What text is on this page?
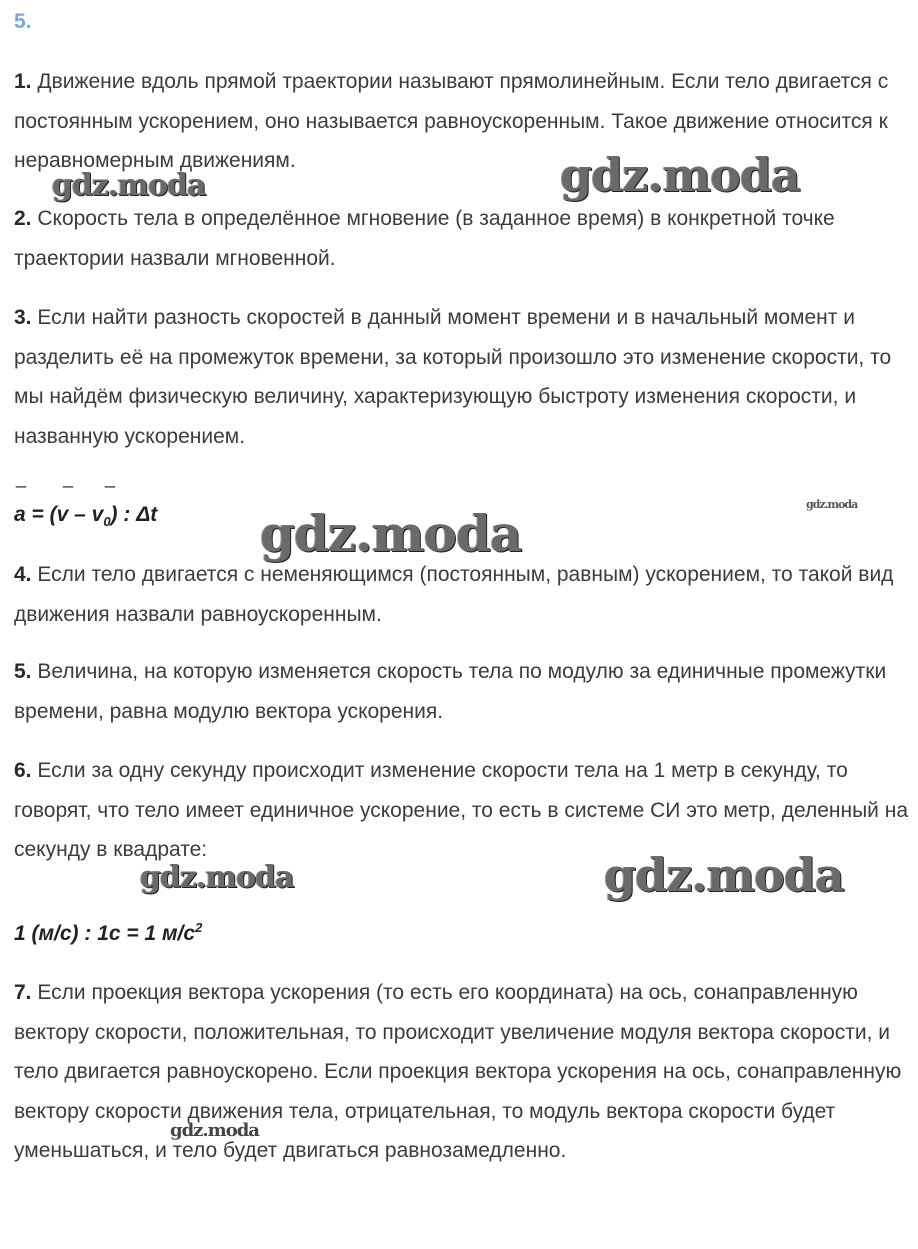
5.

1. Движение вдоль прямой траектории называют прямолинейным. Если тело двигается с постоянным ускорением, оно называется равноускоренным. Такое движение относится к неравномерным движениям.

2. Скорость тела в определённое мгновение (в заданное время) в конкретной точке траектории назвали мгновенной.

3. Если найти разность скоростей в данный момент времени и в начальный момент и разделить её на промежуток времени, за который произошло это изменение скорости, то мы найдём физическую величину, характеризующую быстроту изменения скорости, и названную ускорением.

_ _ _
$a = (v - v_0)$ : Δt

4. Если тело двигается с неменяющимся (постоянным, равным) ускорением, то такой вид движения назвали равноускоренным.

5. Величина, на которую изменяется скорость тела по модулю за единичные промежутки времени, равна модулю вектора ускорения.

6. Если за одну секунду происходит изменение скорости тела на 1 метр в секунду, то говорят, что тело имеет единичное ускорение, то есть в системе СИ это метр, деленный на секунду в квадрате:

1 (м/с) : 1с = 1 $м/с^2$

7. Если проекция вектора ускорения (то есть его координата) на ось, сонаправленную вектору скорости, положительная, то происходит увеличение модуля вектора скорости, и тело двигается равноускорено. Если проекция вектора ускорения на ось, сонаправленную вектору скорости движения тела, отрицательная, то модуль вектора скорости будет уменьшаться, и тело будет двигаться равнозамедленно.

gdz.moda	gdz.moda
gdz.moda
gdz.moda
gdz.moda	gdz.moda
gdz.moda
